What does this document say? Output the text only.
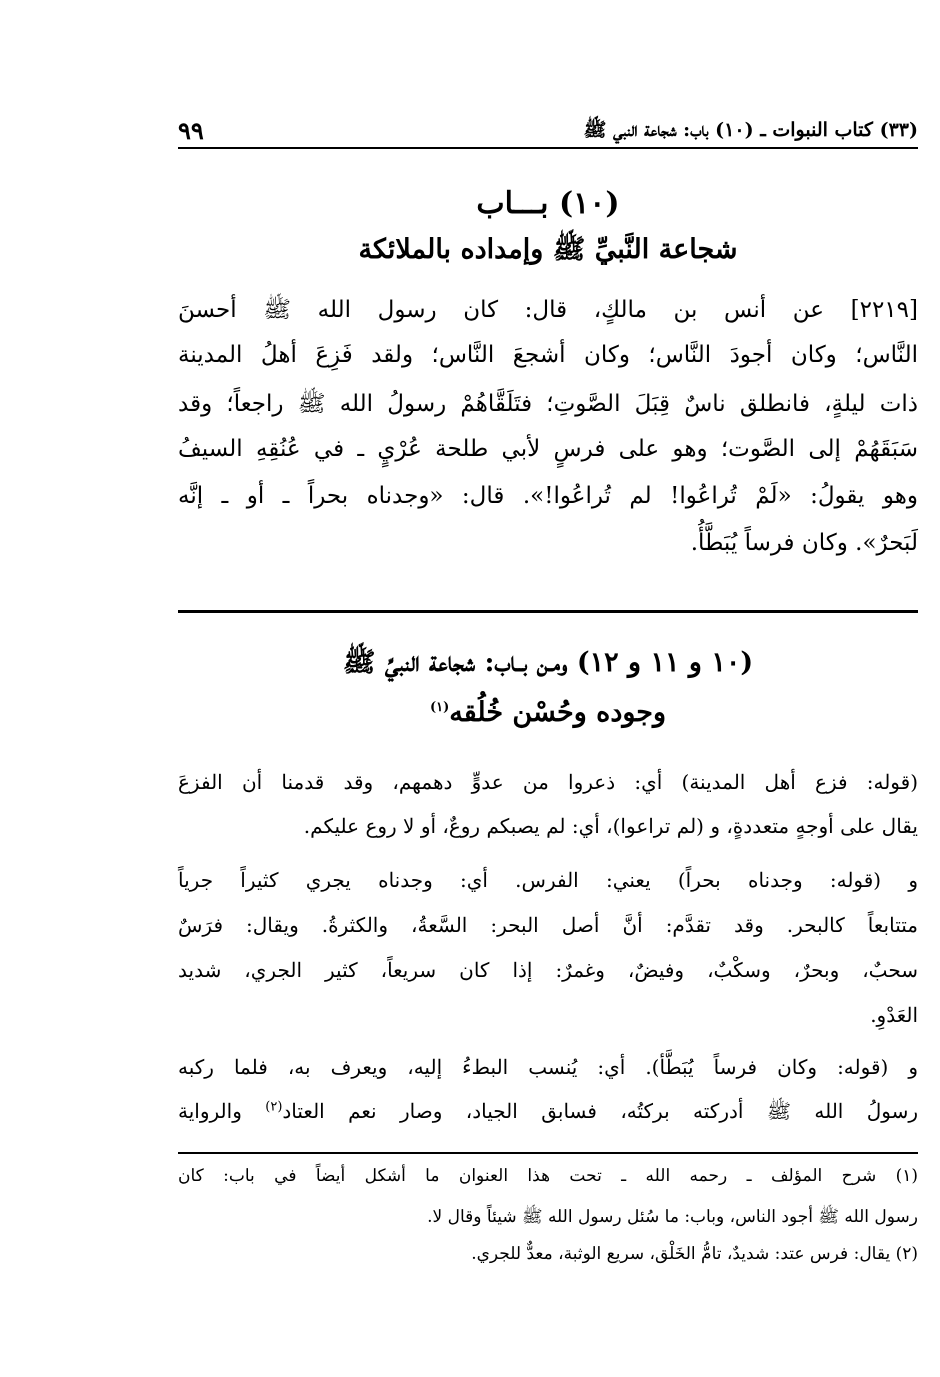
(٣٣) كتاب النبوات ـ (١٠) باب: شجاعة النبي ﷺ
٩٩
(١٠) بـــاب
شجاعة النَّبيِّ ﷺ وإمداده بالملائكة
[٢٢١٩] عن أنس بن مالكٍ، قال: كان رسول الله ﷺ أحسنَ
النَّاس؛ وكان أجودَ النَّاس؛ وكان أشجعَ النَّاس؛ ولقد فَزِعَ أهلُ المدينة
ذات ليلةٍ، فانطلق ناسٌ قِبَلَ الصَّوتِ؛ فتَلَقَّاهُمْ رسولُ الله ﷺ راجعاً؛ وقد
سَبَقَهُمْ إلى الصَّوت؛ وهو على فرسٍ لأبي طلحة عُرْيٍ ـ في عُنُقِهِ السيفُ
وهو يقولُ: «لَمْ تُراعُوا! لم تُراعُوا!». قال: «وجدناه بحراً ـ أو ـ إنَّه
لَبَحرٌ». وكان فرساً يُبَطَّأُ.
(١٠ و ١١ و ١٢) ومـن بــاب: شجاعة النبيِّ ﷺ
وجوده وحُسْن خُلُقه$^{(١)}$
(قوله: فزع أهل المدينة) أي: ذعروا من عدوٍّ دهمهم، وقد قدمنا أن الفزعَ
يقال على أوجهٍ متعددةٍ، و (لم تراعوا)، أي: لم يصبكم روعٌ، أو لا روع عليكم.
و (قوله: وجدناه بحراً) يعني: الفرس. أي: وجدناه يجري كثيراً جرياً
متتابعاً كالبحر. وقد تقدَّم: أنَّ أصل البحر: السَّعةُ، والكثرةُ. ويقال: فرَسٌ
سحبٌ، وبحرٌ، وسكْبٌ، وفيضٌ، وغمرٌ: إذا كان سريعاً، كثير الجري، شديد
العَدْوِ.
و (قوله: وكان فرساً يُبَطَّأ). أي: يُنسب البطءُ إليه، ويعرف به، فلما ركبه
رسولُ الله ﷺ أدركته بركتُه، فسابق الجياد، وصار نعم العتاد$^{(٢)}$ والرواية
(١) شرح المؤلف ـ رحمه الله ـ تحت هذا العنوان ما أشكل أيضاً في باب: كان
رسول الله ﷺ أجود الناس، وباب: ما سُئل رسول الله ﷺ شيئاً وقال لا.
(٢) يقال: فرس عتد: شديدٌ، تامُّ الخَلْق، سريع الوثبة، معدٌّ للجري.
